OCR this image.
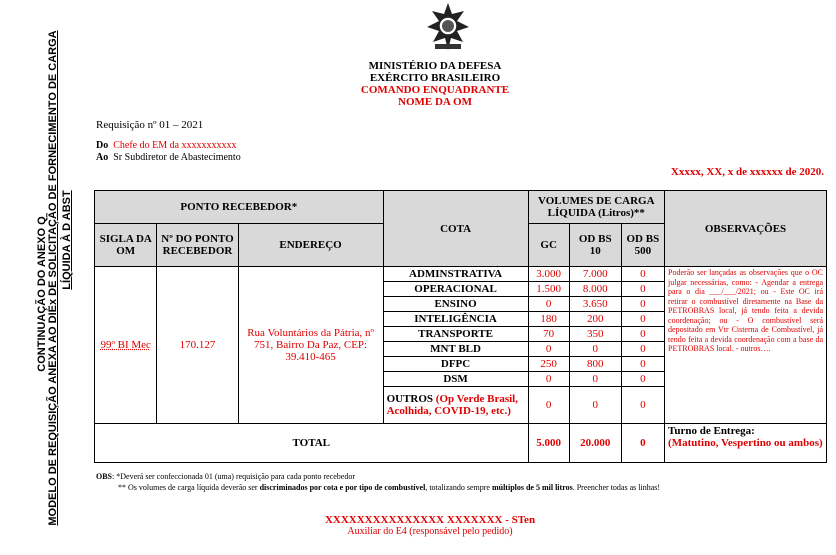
CONTINUAÇÃO DO ANEXO Q MODELO DE REQUISIÇÃO ANEXA AO DIEx DE SOLICITAÇÃO DE FORNECIMENTO DE CARGA LÍQUIDA À D ABST
MINISTÉRIO DA DEFESA
EXÉRCITO BRASILEIRO
COMANDO ENQUADRANTE
NOME DA OM
Requisição nº 01 – 2021
Do Chefe do EM da xxxxxxxxxxx
Ao Sr Subdiretor de Abastecimento
Xxxxx, XX, x de xxxxxx de 2020.
PONTO RECEBEDOR*			COTA	VOLUMES DE CARGA LÍQUIDA (Litros)**			OBSERVAÇÕES
SIGLA DA OM	Nº DO PONTO RECEBEDOR	ENDEREÇO		GC	OD BS 10	OD BS 500	
99º BI Mec	170.127	Rua Voluntários da Pátria, nº 751, Bairro Da Paz, CEP: 39.410-465	ADMINSTRATIVA	3.000	7.000	0	Poderão ser lançadas as observações que o OC julgar necessárias, como: - Agendar a entrega para o dia ___/___/2021; ou - Este OC irá retirar o combustível diretamente na Base da PETROBRAS local, já tendo feita a devida coordenação; ou - O combustível será depositado em Vtr Cisterna de Combustível, já tendo feita a devida coordenação com a base da PETROBRAS local. - outros….
			OPERACIONAL	1.500	8.000	0	
			ENSINO	0	3.650	0	
			INTELIGÊNCIA	180	200	0	
			TRANSPORTE	70	350	0	
			MNT BLD	0	0	0	
			DFPC	250	800	0	
			DSM	0	0	0	
			OUTROS (Op Verde Brasil, Acolhida, COVID-19, etc.)	0	0	0	
TOTAL				5.000	20.000	0	Turno de Entrega:
(Matutino, Vespertino ou ambos)
OBS: *Deverá ser confeccionada 01 (uma) requisição para cada ponto recebedor
** Os volumes de carga líquida deverão ser discriminados por cota e por tipo de combustível, totalizando sempre múltiplos de 5 mil litros. Preencher todas as linhas!
XXXXXXXXXXXXXXX XXXXXXX - STen
Auxiliar do E4 (responsável pelo pedido)
